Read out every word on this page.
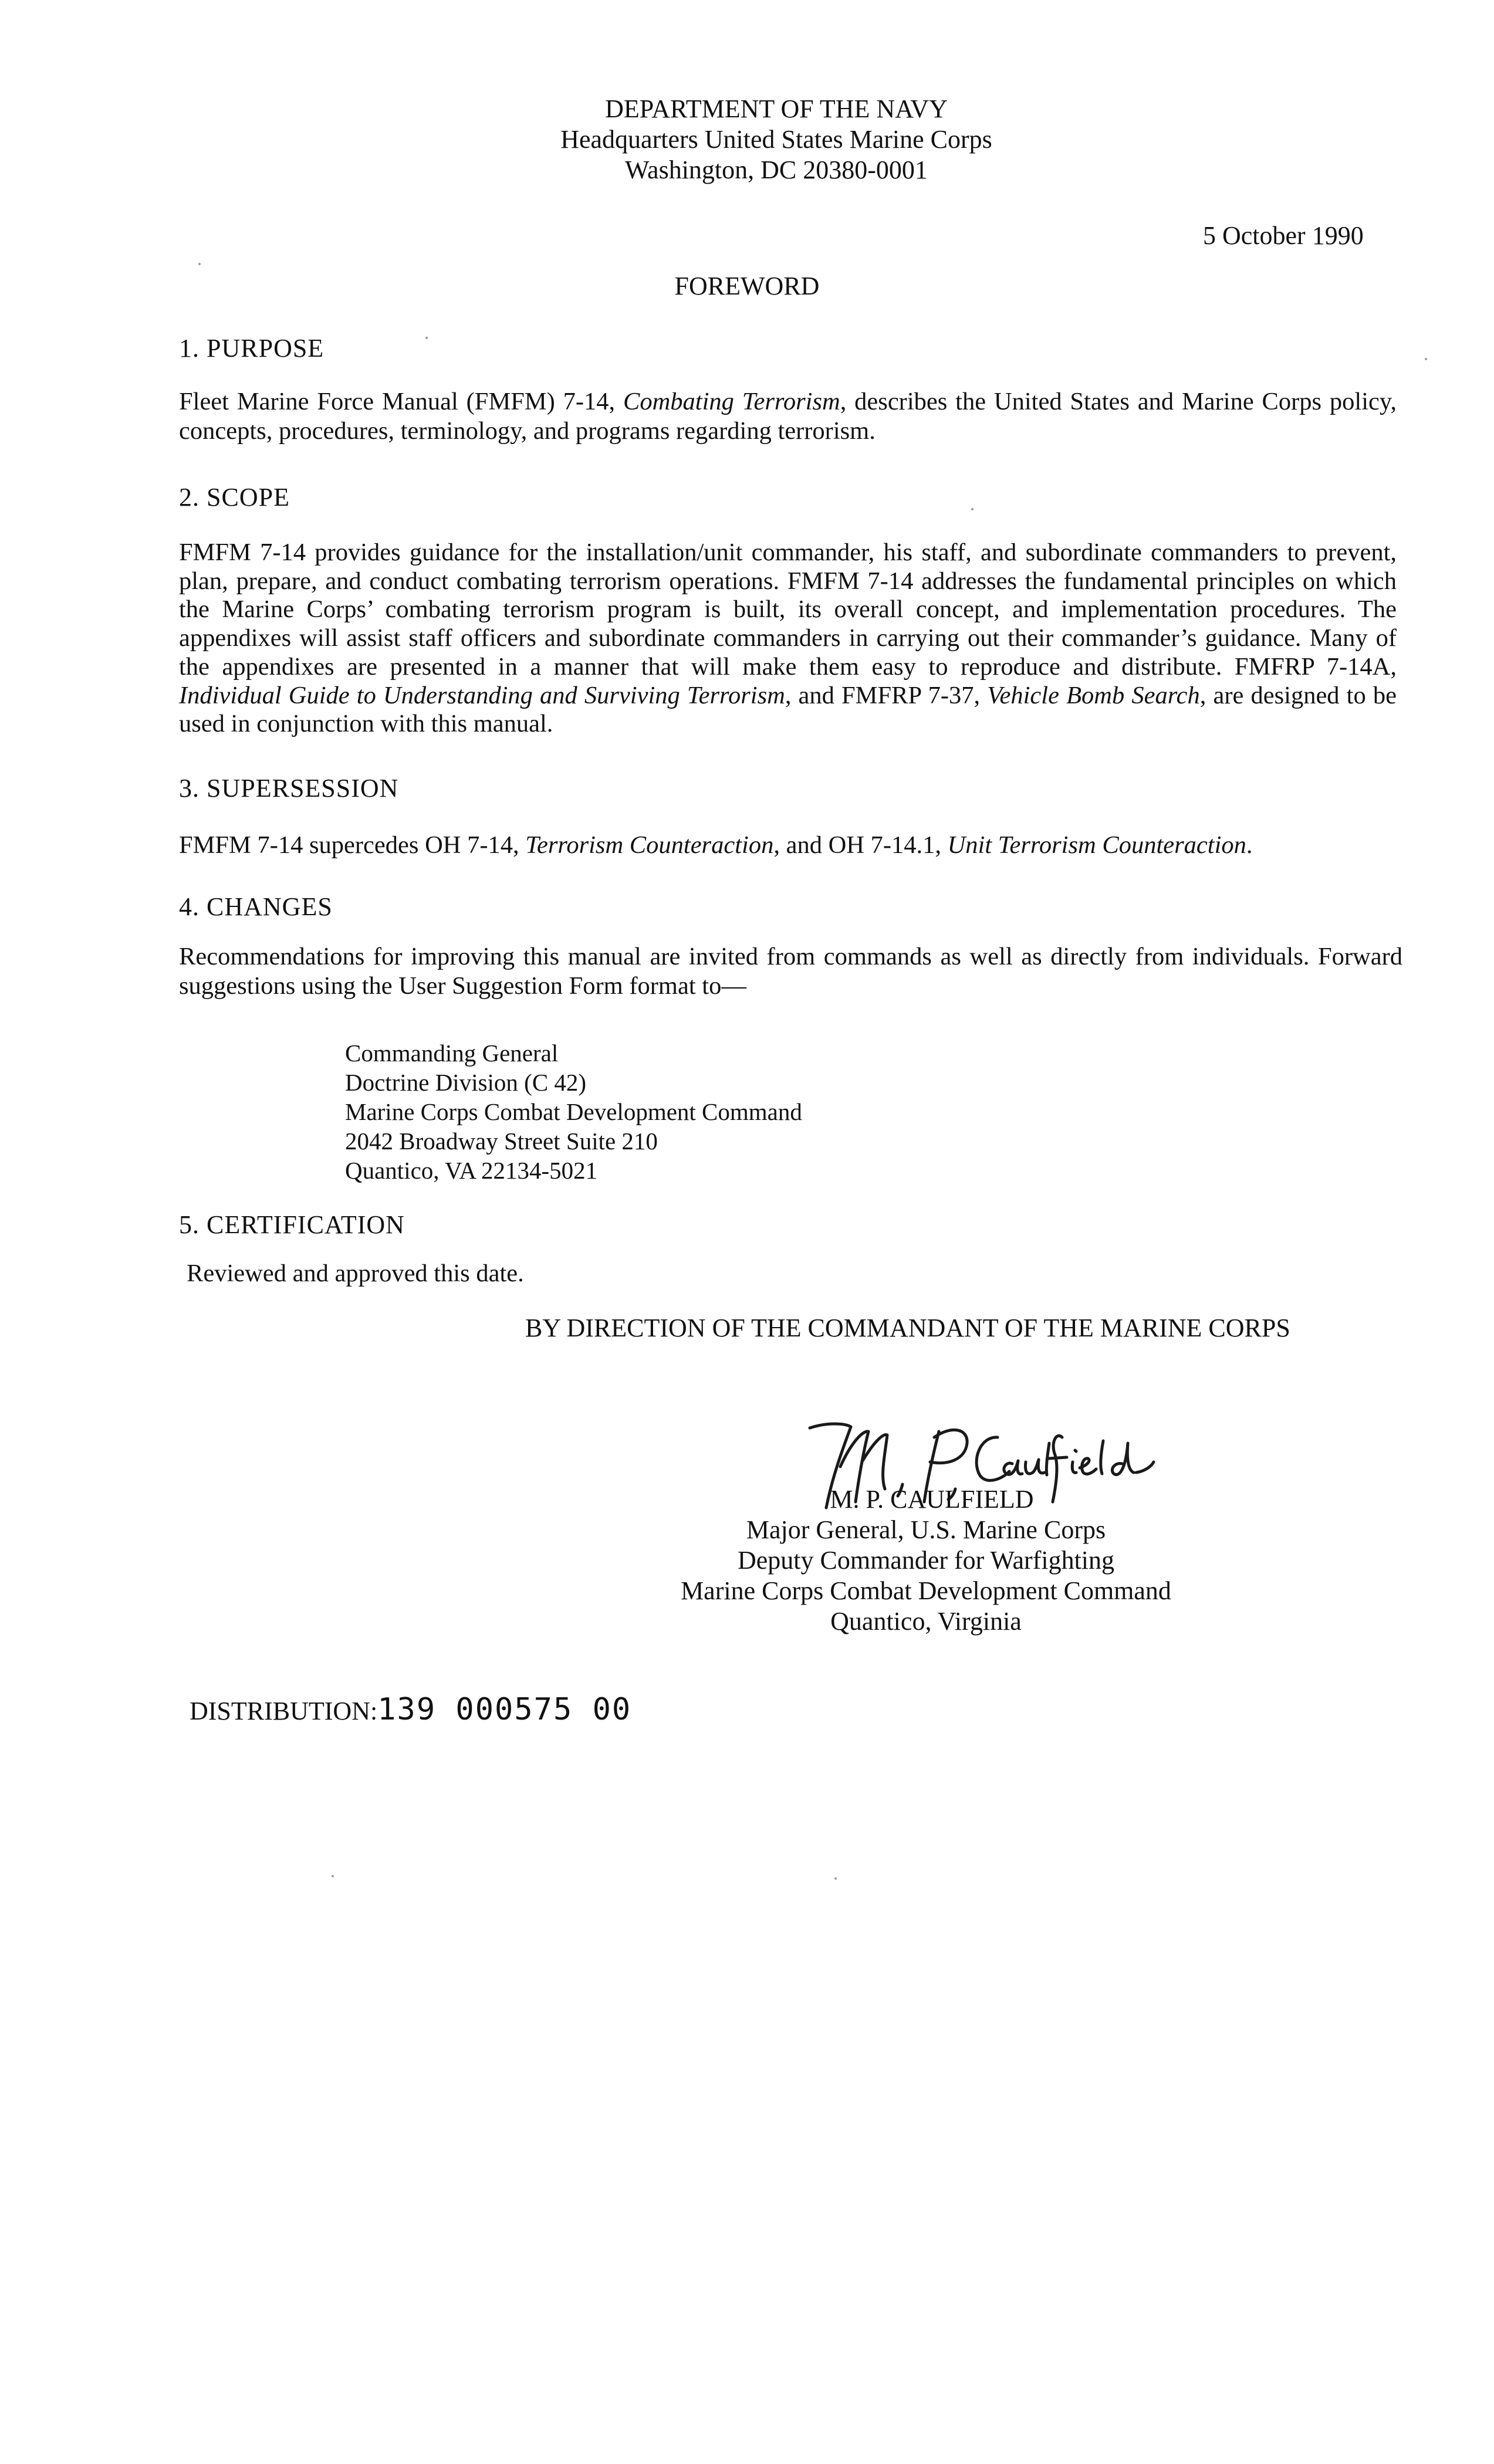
DEPARTMENT OF THE NAVY
Headquarters United States Marine Corps
Washington, DC 20380-0001
5 October 1990
FOREWORD
1. PURPOSE

Fleet Marine Force Manual (FMFM) 7-14, Combating Terrorism, describes the United States and Marine Corps policy, concepts, procedures, terminology, and programs regarding terrorism.

2. SCOPE

FMFM 7-14 provides guidance for the installation/unit commander, his staff, and subordinate commanders to prevent, plan, prepare, and conduct combating terrorism operations. FMFM 7-14 addresses the fundamental principles on which the Marine Corps’ combating terrorism program is built, its overall concept, and implementation procedures. The appendixes will assist staff officers and subordinate commanders in carrying out their commander’s guidance. Many of the appendixes are presented in a manner that will make them easy to reproduce and distribute. FMFRP 7-14A, Individual Guide to Understanding and Surviving Terrorism, and FMFRP 7-37, Vehicle Bomb Search, are designed to be used in conjunction with this manual.

3. SUPERSESSION

FMFM 7-14 supercedes OH 7-14, Terrorism Counteraction, and OH 7-14.1, Unit Terrorism Counteraction.

4. CHANGES

Recommendations for improving this manual are invited from commands as well as directly from individuals. Forward suggestions using the User Suggestion Form format to—

Commanding General
Doctrine Division (C 42)
Marine Corps Combat Development Command
2042 Broadway Street Suite 210
Quantico, VA 22134-5021
5. CERTIFICATION

Reviewed and approved this date.

BY DIRECTION OF THE COMMANDANT OF THE MARINE CORPS
M. P. CAULFIELD
Major General, U.S. Marine Corps
Deputy Commander for Warfighting
Marine Corps Combat Development Command
Quantico, Virginia
DISTRIBUTION:139 000575 00
